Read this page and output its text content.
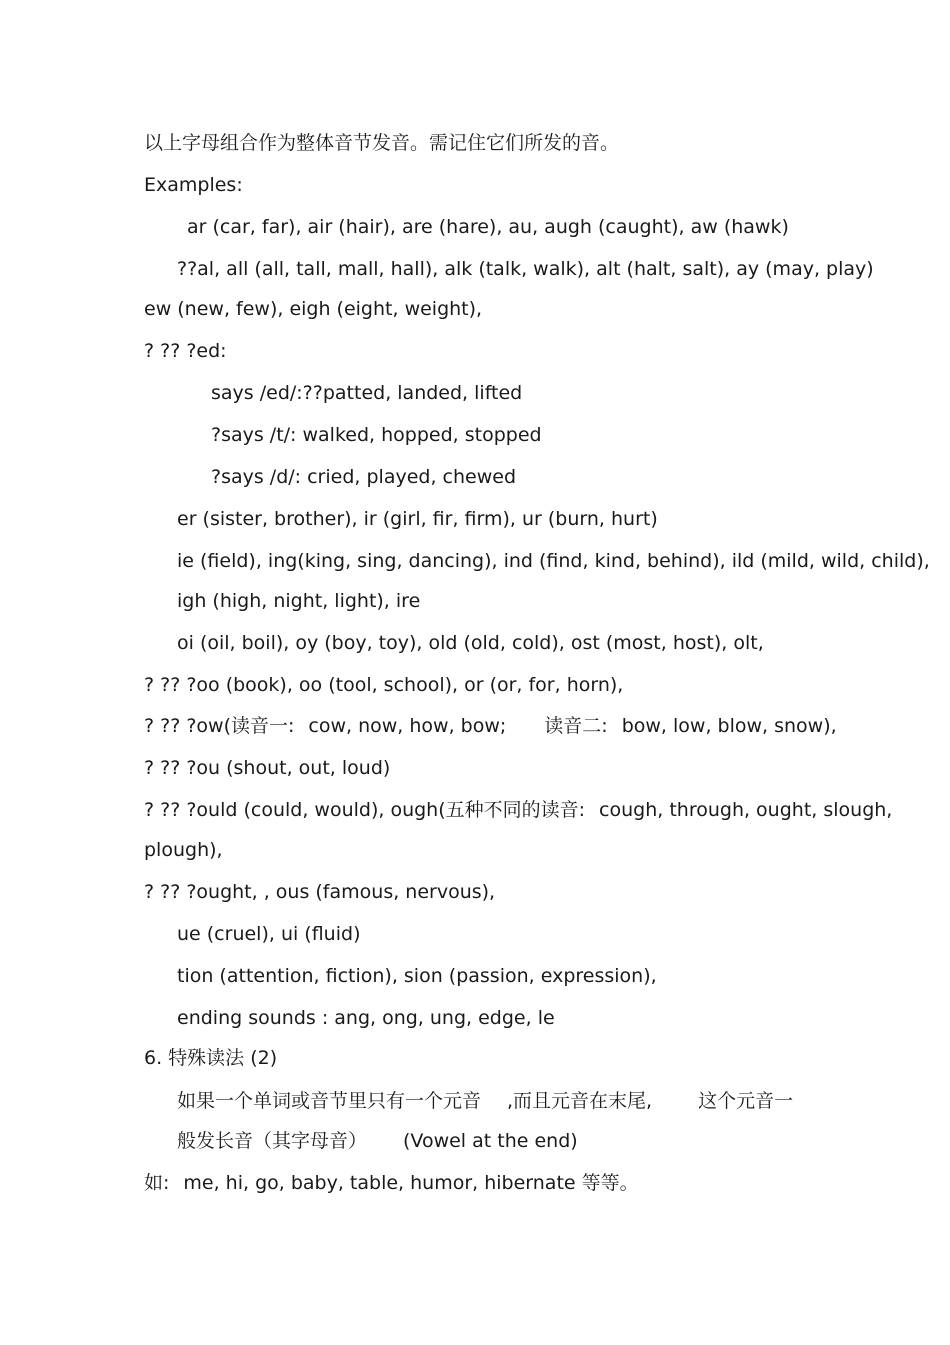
以上字母组合作为整体音节发音。需记住它们所发的音。
Examples:
ar (car, far), air (hair), are (hare), au, augh (caught), aw (hawk)
??al, all (all, tall, mall, hall), alk (talk, walk), alt (halt, salt), ay (may, play)
ew (new, few), eigh (eight, weight),
? ?? ?ed:
says /ed/:??patted, landed, lifted
?says /t/: walked, hopped, stopped
?says /d/: cried, played, chewed
er (sister, brother), ir (girl, fir, firm), ur (burn, hurt)
ie (field), ing(king, sing, dancing), ind (find, kind, behind), ild (mild, wild, child),
igh (high, night, light), ire
oi (oil, boil), oy (boy, toy), old (old, cold), ost (most, host), olt,
? ?? ?oo (book), oo (tool, school), or (or, for, horn),
? ?? ?ow(读音一: cow, now, how, bow; 读音二: bow, low, blow, snow),
? ?? ?ou (shout, out, loud)
? ?? ?ould (could, would), ough(五种不同的读音: cough, through, ought, slough,
plough),
? ?? ?ought, , ous (famous, nervous),
ue (cruel), ui (fluid)
tion (attention, fiction), sion (passion, expression),
ending sounds : ang, ong, ung, edge, le
6. 特殊读法 (2)
如果一个单词或音节里只有一个元音 ,而且元音在末尾, 这个元音一
般发长音（其字母音） (Vowel at the end)
如: me, hi, go, baby, table, humor, hibernate 等等。
